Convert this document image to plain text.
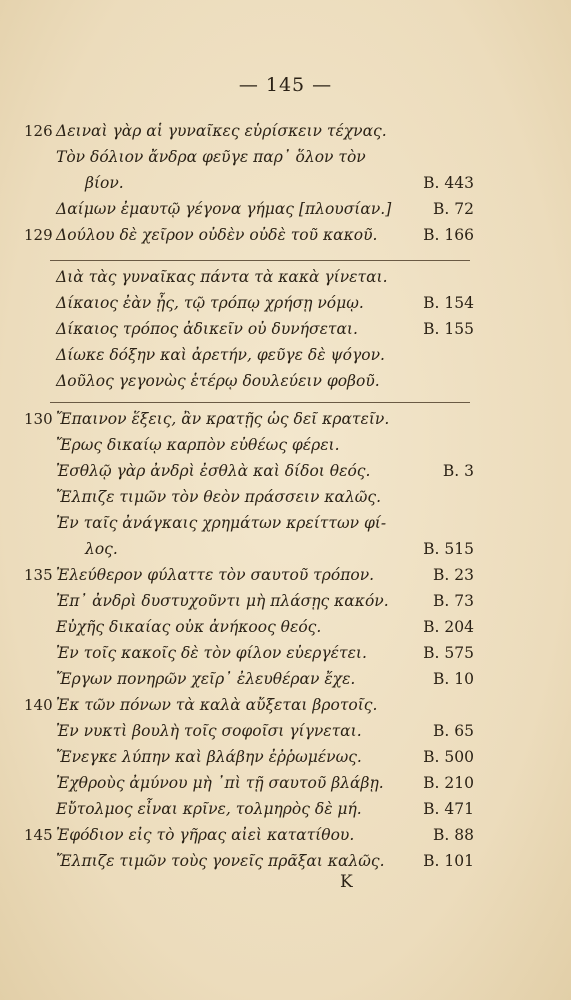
— 145 —
126 Δειναὶ γὰρ αἱ γυναῖκες εὑρίσκειν τέχνας.
Τὸν δόλιον ἄνδρα φεῦγε παρ᾽ ὅλον τὸν
βίον.	B. 443
Δαίμων ἐμαυτῷ γέγονα γήμας [πλουσίαν.]	B. 72
129 Δούλου δὲ χεῖρον οὐδὲν οὐδὲ τοῦ κακοῦ.	B. 166
Διὰ τὰς γυναῖκας πάντα τὰ κακὰ γίνεται.
Δίκαιος ἐὰν ᾖς, τῷ τρόπῳ χρήσῃ νόμῳ.	B. 154
Δίκαιος τρόπος ἀδικεῖν οὐ δυνήσεται.	B. 155
Δίωκε δόξην καὶ ἀρετήν, φεῦγε δὲ ψόγον.
Δοῦλος γεγονὼς ἑτέρῳ δουλεύειν φοβοῦ.
130 Ἔπαινον ἕξεις, ἂν κρατῇς ὡς δεῖ κρατεῖν.
Ἔρως δικαίῳ καρπὸν εὐθέως φέρει.
Ἐσθλῷ γὰρ ἀνδρὶ ἐσθλὰ καὶ δίδοι θεός.	B. 3
Ἔλπιζε τιμῶν τὸν θεὸν πράσσειν καλῶς.
Ἐν ταῖς ἀνάγκαις χρημάτων κρείττων φί-
λος.	B. 515
135 Ἐλεύθερον φύλαττε τὸν σαυτοῦ τρόπον.	B. 23
Ἐπ᾽ ἀνδρὶ δυστυχοῦντι μὴ πλάσῃς κακόν.	B. 73
Εὐχῆς δικαίας οὐκ ἀνήκοος θεός.	B. 204
Ἐν τοῖς κακοῖς δὲ τὸν φίλον εὐεργέτει.	B. 575
Ἔργων πονηρῶν χεῖρ᾽ ἐλευθέραν ἔχε.	B. 10
140 Ἐκ τῶν πόνων τὰ καλὰ αὔξεται βροτοῖς.
Ἐν νυκτὶ βουλὴ τοῖς σοφοῖσι γίγνεται.	B. 65
Ἔνεγκε λύπην καὶ βλάβην ἐῤῥωμένως.	B. 500
Ἐχθροὺς ἀμύνου μὴ ᾽πὶ τῇ σαυτοῦ βλάβῃ.	B. 210
Εὔτολμος εἶναι κρῖνε, τολμηρὸς δὲ μή.	B. 471
145 Ἐφόδιον εἰς τὸ γῆρας αἰεὶ κατατίθου.	B. 88
Ἔλπιζε τιμῶν τοὺς γονεῖς πρᾶξαι καλῶς.	B. 101
K
